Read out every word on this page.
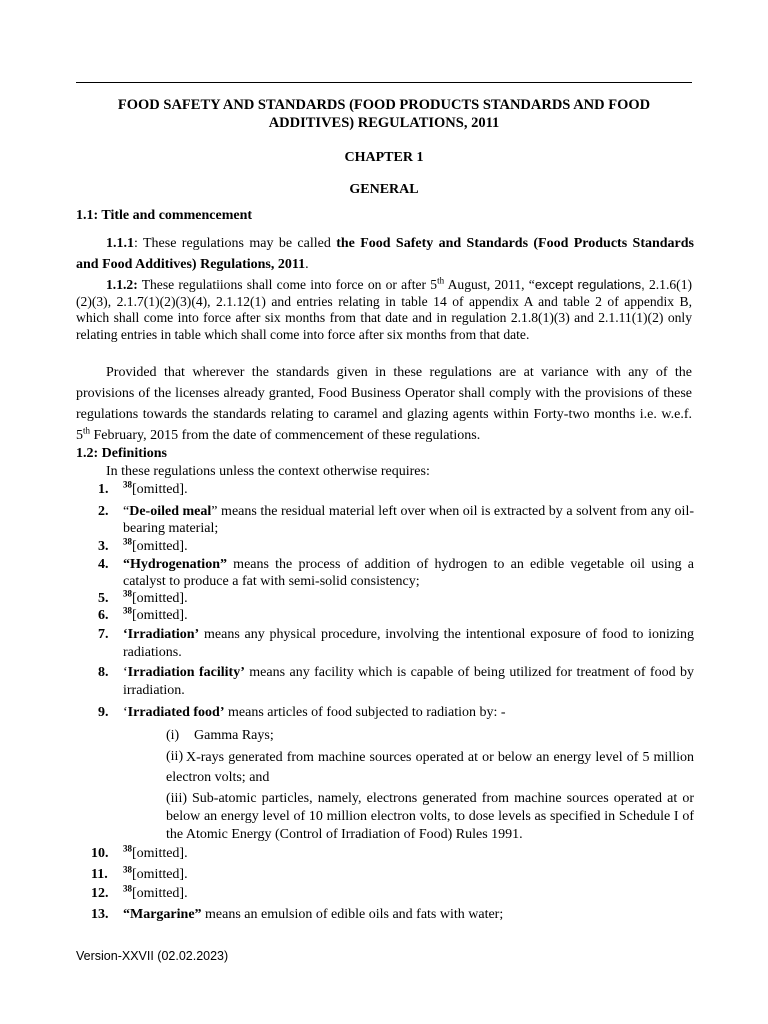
FOOD SAFETY AND STANDARDS (FOOD PRODUCTS STANDARDS AND FOOD
ADDITIVES) REGULATIONS, 2011
CHAPTER 1
GENERAL
1.1: Title and commencement
1.1.1: These regulations may be called the Food Safety and Standards (Food Products Standards and Food Additives) Regulations, 2011.
1.1.2: These regulatiions shall come into force on or after 5th August, 2011, “except regulations, 2.1.6(1)(2)(3), 2.1.7(1)(2)(3)(4), 2.1.12(1) and entries relating in table 14 of appendix A and table 2 of appendix B, which shall come into force after six months from that date and in regulation 2.1.8(1)(3) and 2.1.11(1)(2) only relating entries in table which shall come into force after six months from that date.
Provided that wherever the standards given in these regulations are at variance with any of the provisions of the licenses already granted, Food Business Operator shall comply with the provisions of these regulations towards the standards relating to caramel and glazing agents within Forty-two months i.e. w.e.f. 5th February, 2015 from the date of commencement of these regulations.
1.2: Definitions
In these regulations unless the context otherwise requires:
1. $^{38}$[omitted].
2. “De-oiled meal” means the residual material left over when oil is extracted by a solvent from any oil-bearing material;
3. $^{38}$[omitted].
4. “Hydrogenation” means the process of addition of hydrogen to an edible vegetable oil using a catalyst to produce a fat with semi-solid consistency;
5. $^{38}$[omitted].
6. $^{38}$[omitted].
7. ‘Irradiation’ means any physical procedure, involving the intentional exposure of food to ionizing radiations.
8. ‘Irradiation facility’ means any facility which is capable of being utilized for treatment of food by irradiation.
9. ‘Irradiated food’ means articles of food subjected to radiation by: -
(i) Gamma Rays;
(ii) X-rays generated from machine sources operated at or below an energy level of 5 million electron volts; and
(iii) Sub-atomic particles, namely, electrons generated from machine sources operated at or below an energy level of 10 million electron volts, to dose levels as specified in Schedule I of the Atomic Energy (Control of Irradiation of Food) Rules 1991.
10. $^{38}$[omitted].
11. $^{38}$[omitted].
12. $^{38}$[omitted].
13. “Margarine” means an emulsion of edible oils and fats with water;
Version-XXVII (02.02.2023)
